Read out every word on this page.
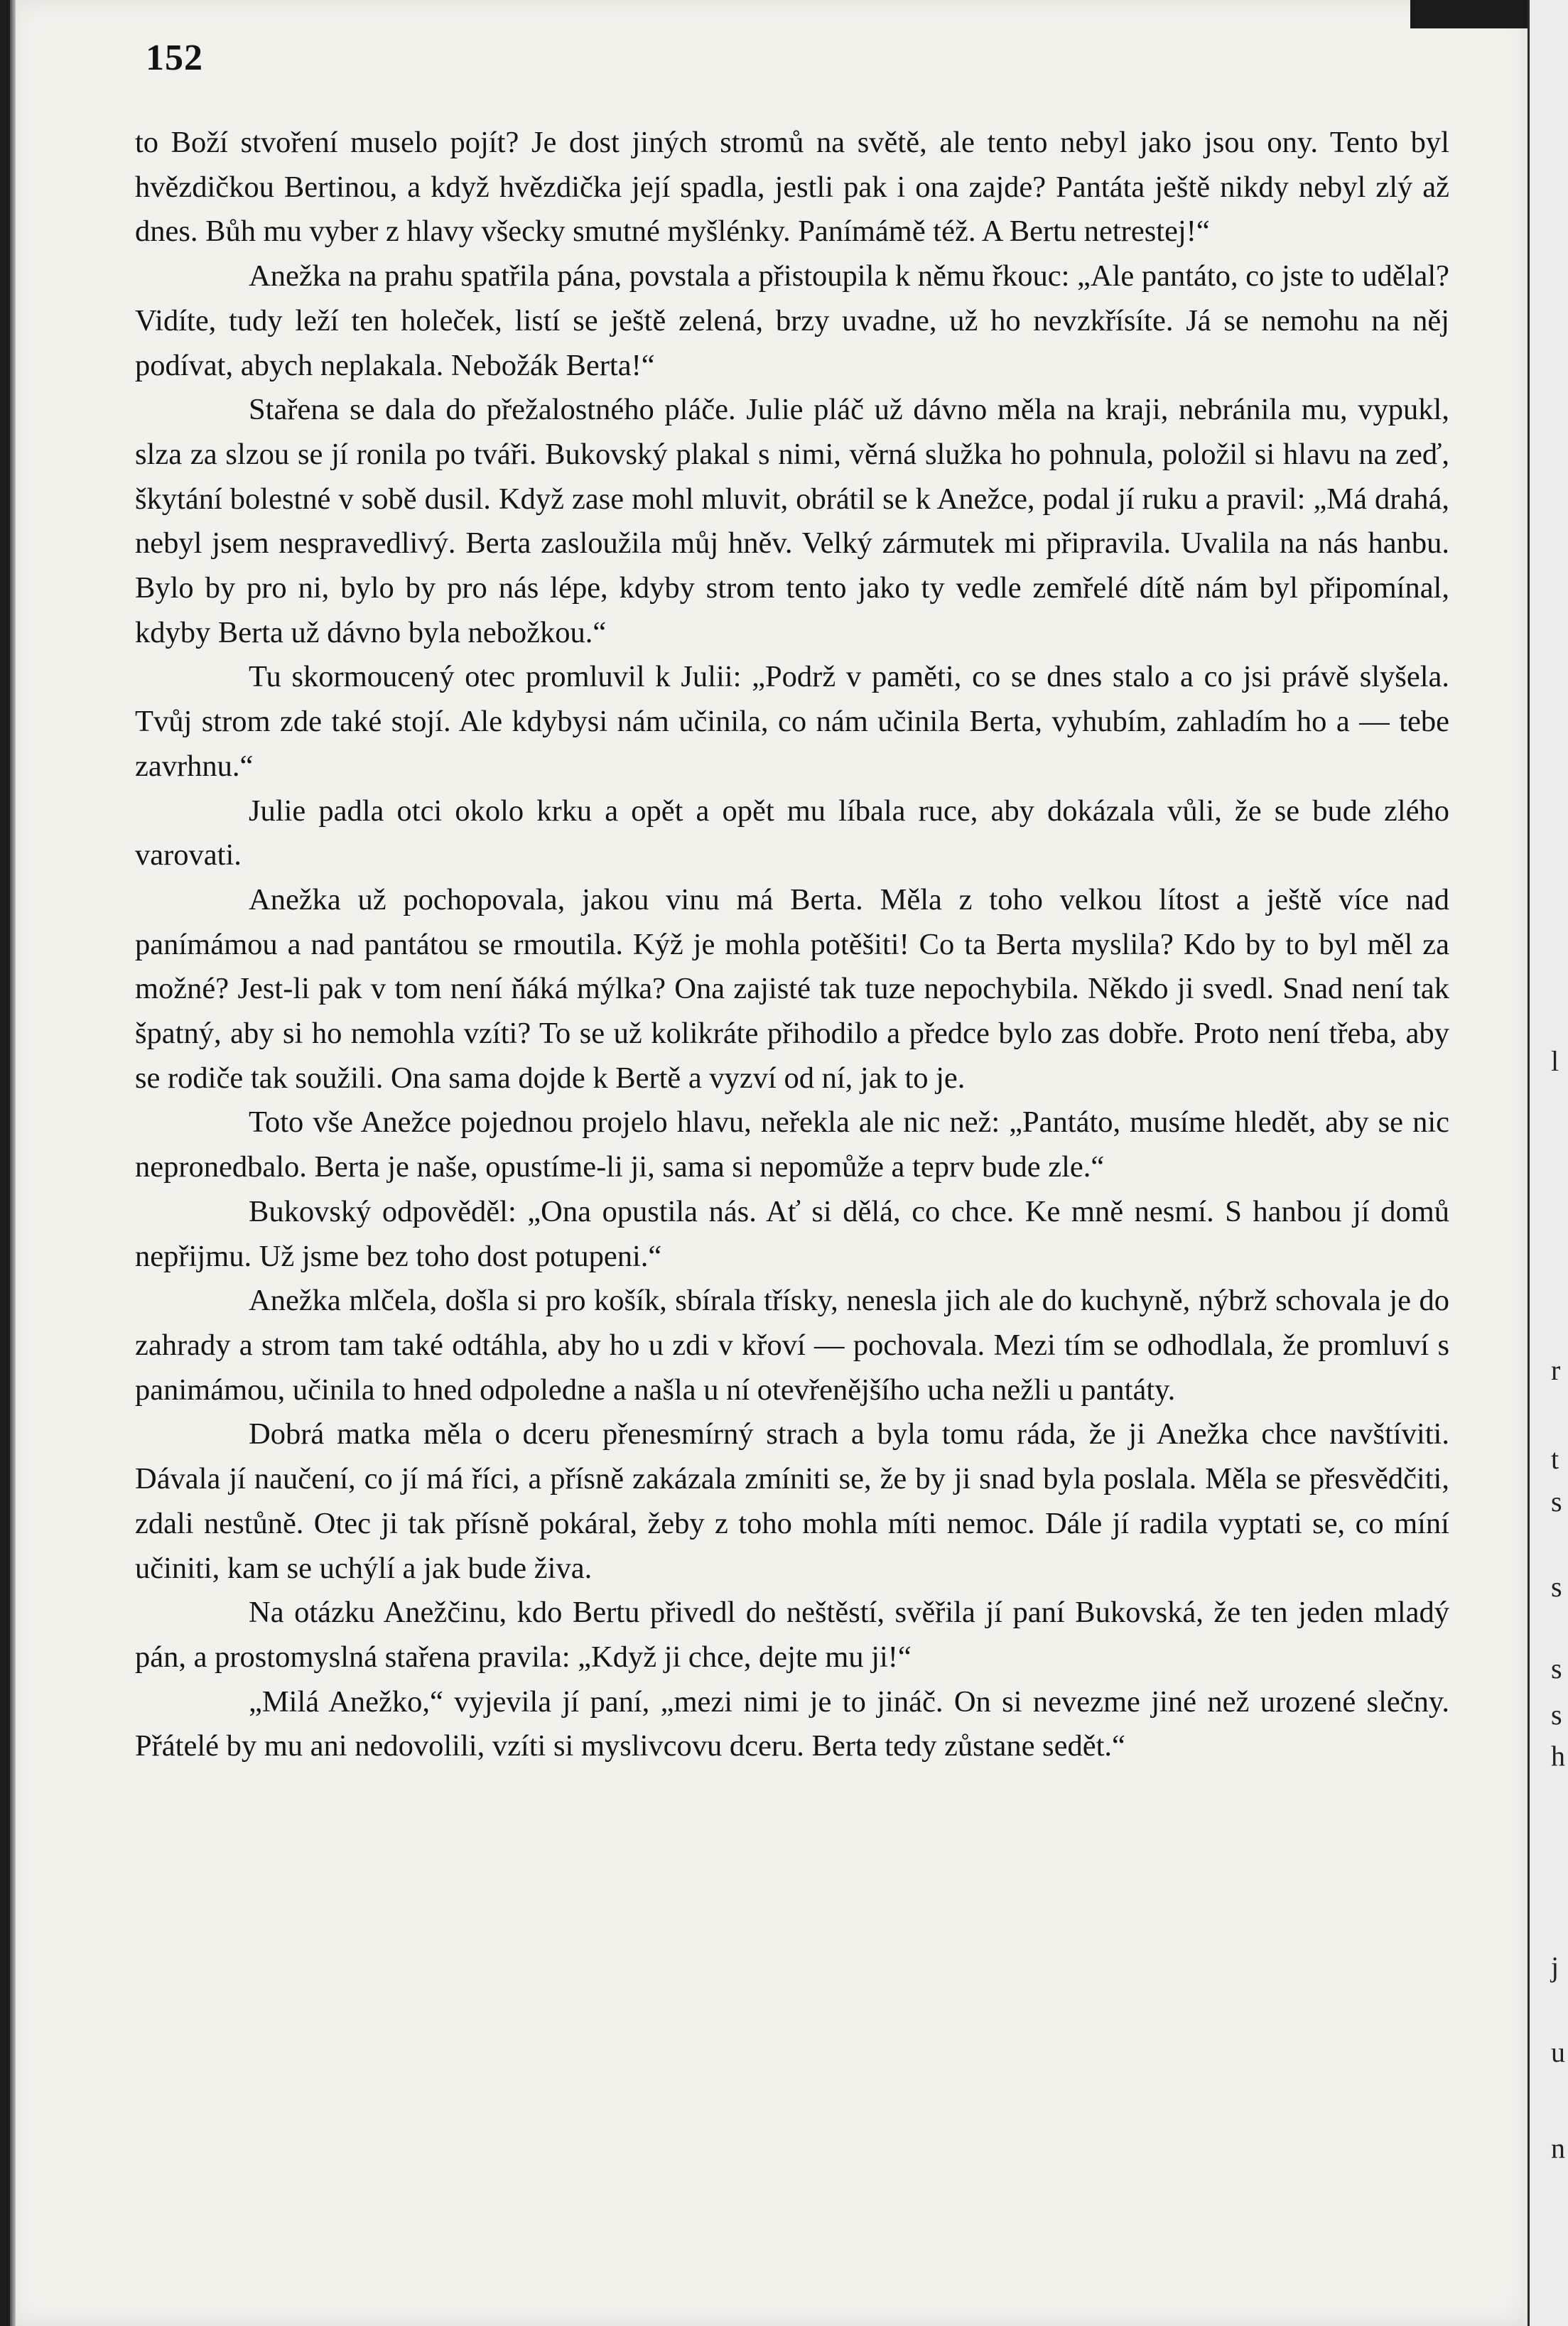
l
r
t
s
s
s
s
h
j
u
n
152

to Boží stvoření muselo pojít? Je dost jiných stromů na světě, ale tento nebyl jako jsou ony. Tento byl hvězdičkou Bertinou, a když hvězdička její spadla, jestli pak i ona zajde? Pantáta ještě nikdy nebyl zlý až dnes. Bůh mu vyber z hlavy všecky smutné myšlénky. Panímámě též. A Bertu netrestej!“

Anežka na prahu spatřila pána, povstala a přistoupila k němu řkouc: „Ale pantáto, co jste to udělal? Vidíte, tudy leží ten holeček, listí se ještě zelená, brzy uvadne, už ho nevzkřísíte. Já se nemohu na něj podívat, abych neplakala. Nebožák Berta!“

Stařena se dala do přežalostného pláče. Julie pláč už dávno měla na kraji, nebránila mu, vypukl, slza za slzou se jí ronila po tváři. Bukovský plakal s nimi, věrná služka ho pohnula, položil si hlavu na zeď, škytání bolestné v sobě dusil. Když zase mohl mluvit, obrátil se k Anežce, podal jí ruku a pravil: „Má drahá, nebyl jsem nespravedlivý. Berta zasloužila můj hněv. Velký zármutek mi připravila. Uvalila na nás hanbu. Bylo by pro ni, bylo by pro nás lépe, kdyby strom tento jako ty vedle zemřelé dítě nám byl připomínal, kdyby Berta už dávno byla nebožkou.“

Tu skormoucený otec promluvil k Julii: „Podrž v paměti, co se dnes stalo a co jsi právě slyšela. Tvůj strom zde také stojí. Ale kdybysi nám učinila, co nám učinila Berta, vyhubím, zahladím ho a — tebe zavrhnu.“

Julie padla otci okolo krku a opět a opět mu líbala ruce, aby dokázala vůli, že se bude zlého varovati.

Anežka už pochopovala, jakou vinu má Berta. Měla z toho velkou lítost a ještě více nad panímámou a nad pantátou se rmoutila. Kýž je mohla potěšiti! Co ta Berta myslila? Kdo by to byl měl za možné? Jest-li pak v tom není ňáká mýlka? Ona zajisté tak tuze nepochybila. Někdo ji svedl. Snad není tak špatný, aby si ho nemohla vzíti? To se už kolikráte přihodilo a předce bylo zas dobře. Proto není třeba, aby se rodiče tak soužili. Ona sama dojde k Bertě a vyzví od ní, jak to je.

Toto vše Anežce pojednou projelo hlavu, neřekla ale nic než: „Pantáto, musíme hledět, aby se nic nepronedbalo. Berta je naše, opustíme-li ji, sama si nepomůže a teprv bude zle.“

Bukovský odpověděl: „Ona opustila nás. Ať si dělá, co chce. Ke mně nesmí. S hanbou jí domů nepřijmu. Už jsme bez toho dost potupeni.“

Anežka mlčela, došla si pro košík, sbírala třísky, nenesla jich ale do kuchyně, nýbrž schovala je do zahrady a strom tam také odtáhla, aby ho u zdi v křoví — pochovala. Mezi tím se odhodlala, že promluví s panimámou, učinila to hned odpoledne a našla u ní otevřenějšího ucha nežli u pantáty.

Dobrá matka měla o dceru přenesmírný strach a byla tomu ráda, že ji Anežka chce navštíviti. Dávala jí naučení, co jí má říci, a přísně zakázala zmíniti se, že by ji snad byla poslala. Měla se přesvědčiti, zdali nestůně. Otec ji tak přísně pokáral, žeby z toho mohla míti nemoc. Dále jí radila vyptati se, co míní učiniti, kam se uchýlí a jak bude živa.

Na otázku Anežčinu, kdo Bertu přivedl do neštěstí, svěřila jí paní Bukovská, že ten jeden mladý pán, a prostomyslná stařena pravila: „Když ji chce, dejte mu ji!“

„Milá Anežko,“ vyjevila jí paní, „mezi nimi je to jináč. On si nevezme jiné než urozené slečny. Přátelé by mu ani nedovolili, vzíti si myslivcovu dceru. Berta tedy zůstane sedět.“
